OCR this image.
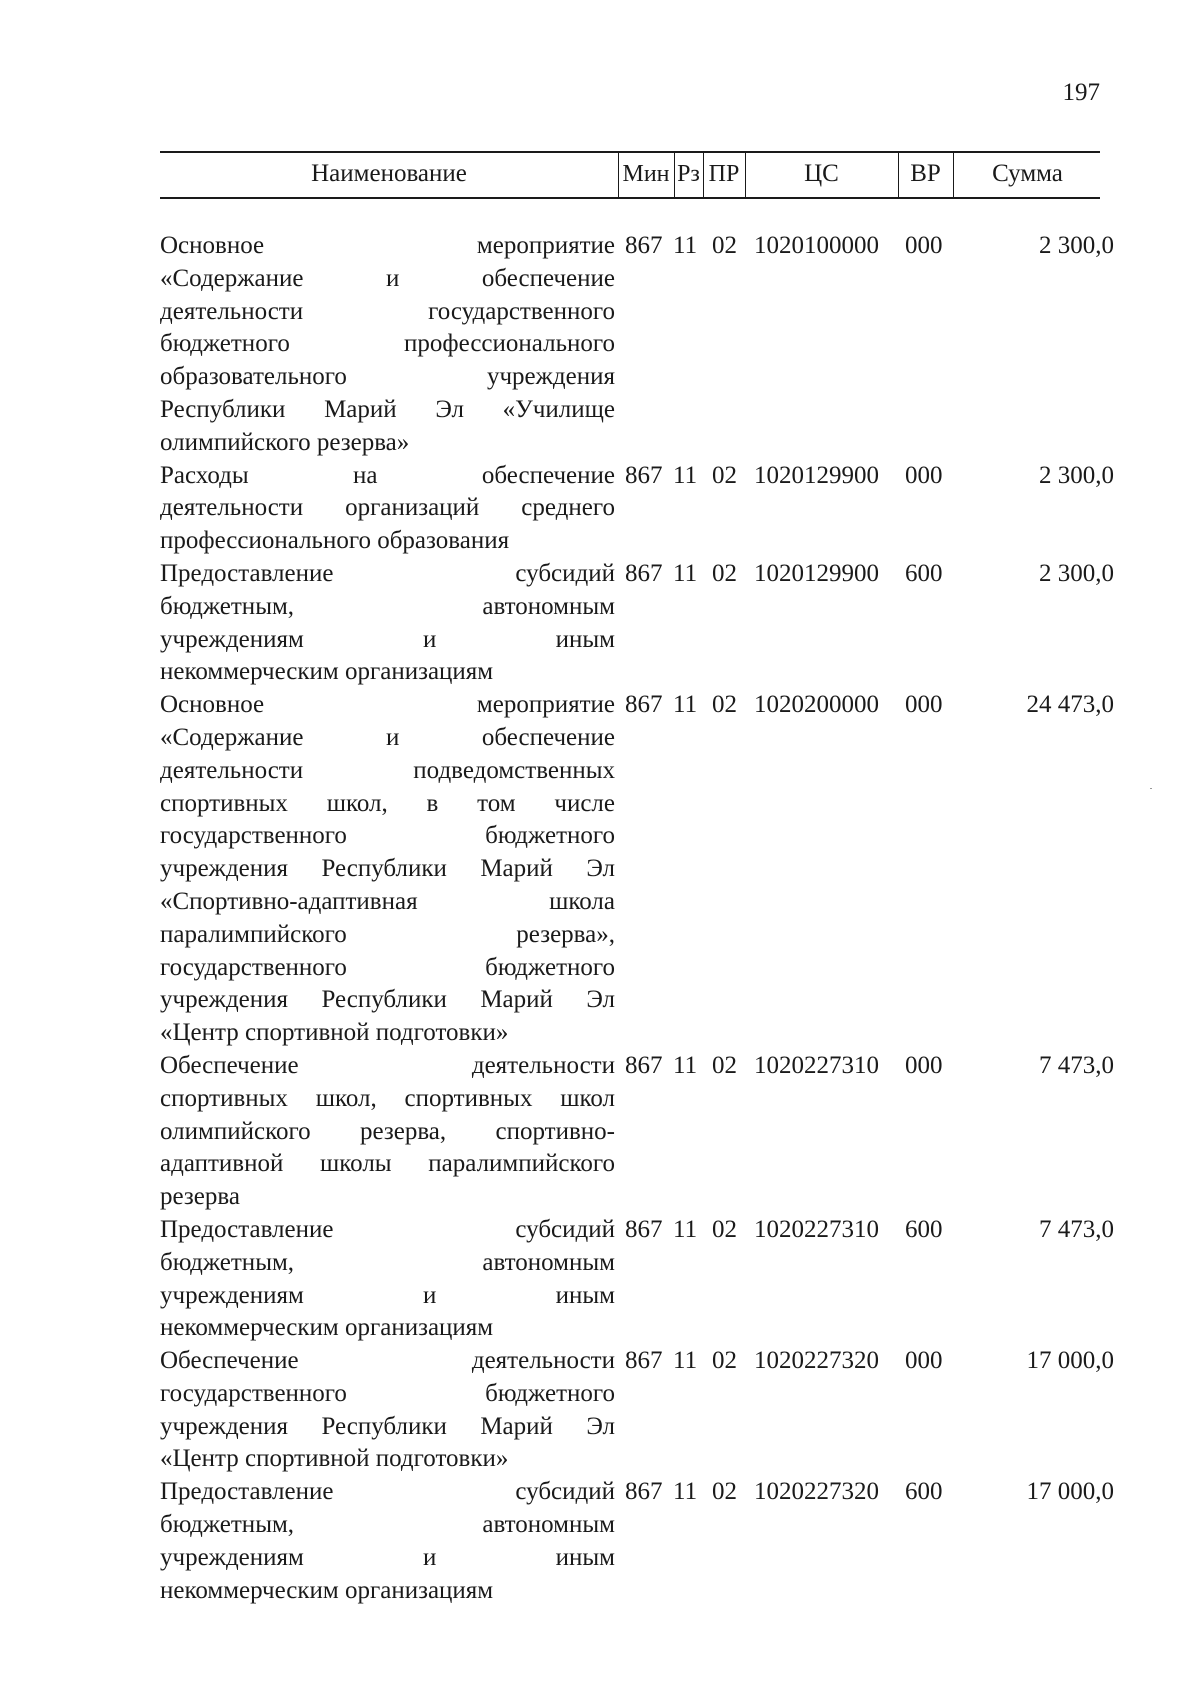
197
Наименование	Мин Рз ПР	ЦС	ВР	Сумма
Основное мероприятие
«Содержание и обеспечение
деятельности государственного
бюджетного профессионального
образовательного учреждения
Республики Марий Эл «Училище
олимпийского резерва»
867 11 02 1020100000 000	2 300,0
Расходы на обеспечение
деятельности организаций среднего
профессионального образования
867 11 02 1020129900 000	2 300,0
Предоставление субсидий
бюджетным, автономным
учреждениям и иным
некоммерческим организациям
867 11 02 1020129900 600	2 300,0
Основное мероприятие
«Содержание и обеспечение
деятельности подведомственных
спортивных школ, в том числе
государственного бюджетного
учреждения Республики Марий Эл
«Спортивно-адаптивная школа
паралимпийского резерва»,
государственного бюджетного
учреждения Республики Марий Эл
«Центр спортивной подготовки»
867 11 02 1020200000 000	24 473,0
Обеспечение деятельности
спортивных школ, спортивных школ
олимпийского резерва, спортивно-
адаптивной школы паралимпийского
резерва
867 11 02 1020227310 000	7 473,0
Предоставление субсидий
бюджетным, автономным
учреждениям и иным
некоммерческим организациям
867 11 02 1020227310 600	7 473,0
Обеспечение деятельности
государственного бюджетного
учреждения Республики Марий Эл
«Центр спортивной подготовки»
867 11 02 1020227320 000	17 000,0
Предоставление субсидий
бюджетным, автономным
учреждениям и иным
некоммерческим организациям
867 11 02 1020227320 600	17 000,0
